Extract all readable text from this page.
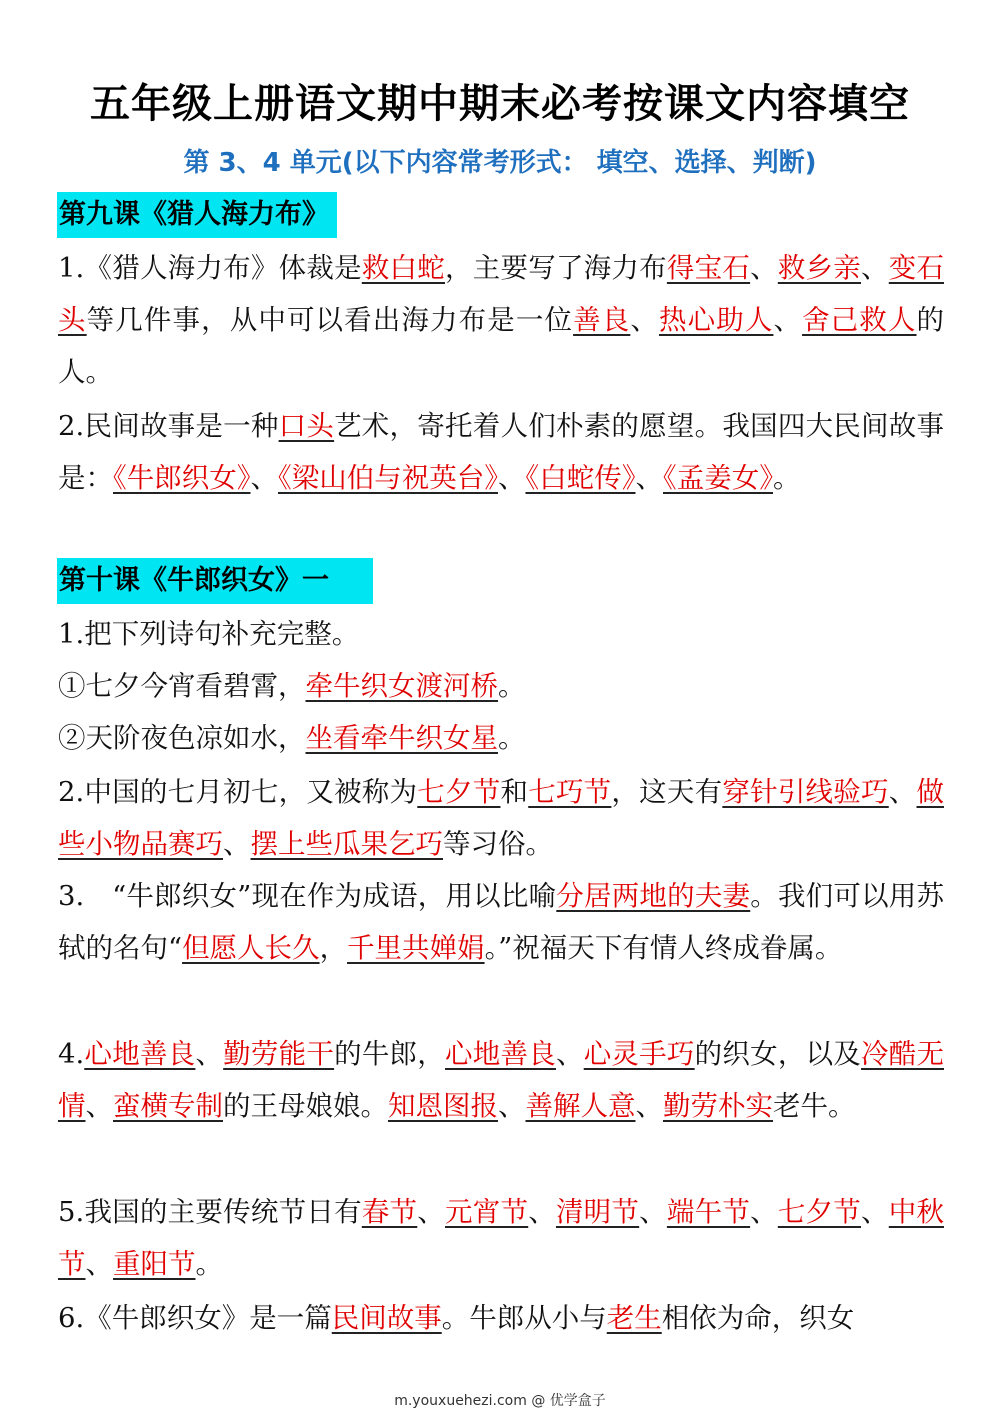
五年级上册语文期中期末必考按课文内容填空
第 3、4 单元(以下内容常考形式： 填空、选择、判断)
第九课《猎人海力布》
1.《猎人海力布》体裁是救白蛇，主要写了海力布得宝石、救乡亲、变石头等几件事，从中可以看出海力布是一位善良、热心助人、舍己救人的人。
2.民间故事是一种口头艺术，寄托着人们朴素的愿望。我国四大民间故事是：《牛郎织女》、《梁山伯与祝英台》、《白蛇传》、《孟姜女》。
第十课《牛郎织女》一
1.把下列诗句补充完整。
①七夕今宵看碧霄，牵牛织女渡河桥。
②天阶夜色凉如水，坐看牵牛织女星。
2.中国的七月初七，又被称为七夕节和七巧节，这天有穿针引线验巧、做些小物品赛巧、摆上些瓜果乞巧等习俗。
3.　“牛郎织女”现在作为成语，用以比喻分居两地的夫妻。我们可以用苏轼的名句“但愿人长久，千里共婵娟。”祝福天下有情人终成眷属。
4.心地善良、勤劳能干的牛郎，心地善良、心灵手巧的织女，以及冷酷无情、蛮横专制的王母娘娘。知恩图报、善解人意、勤劳朴实老牛。
5.我国的主要传统节日有春节、元宵节、清明节、端午节、七夕节、中秋节、重阳节。
6.《牛郎织女》是一篇民间故事。牛郎从小与老生相依为命，织女
m.youxuehezi.com @ 优学盒子
